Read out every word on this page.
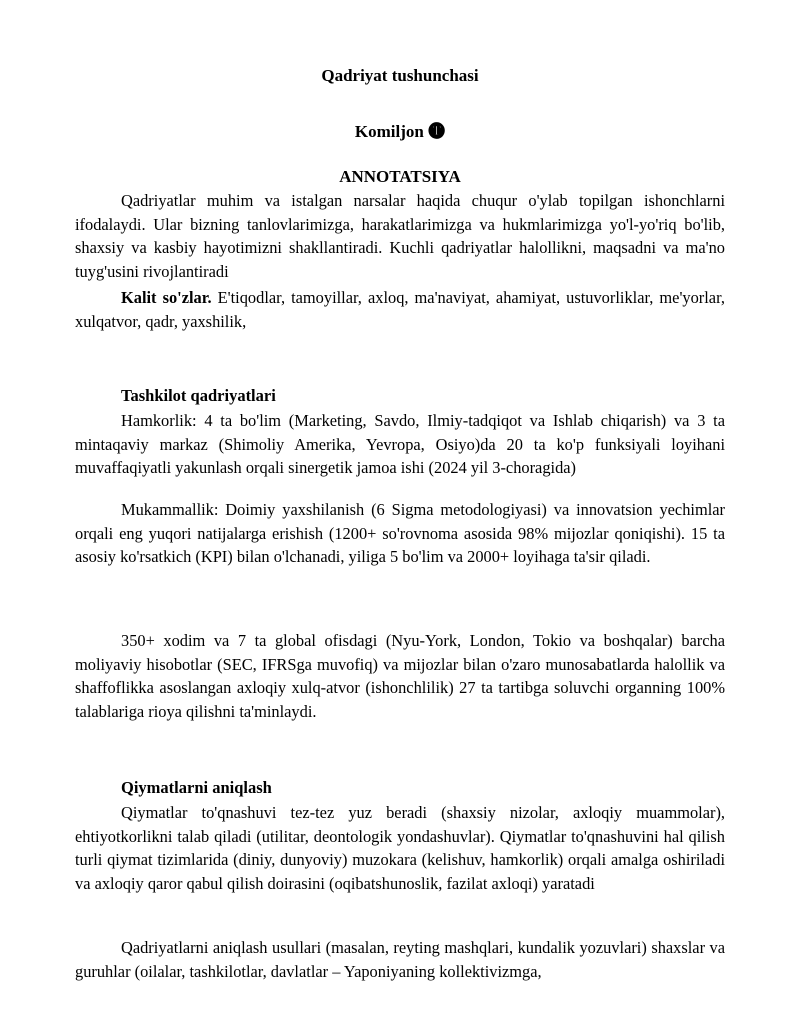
Qadriyat tushunchasi
Komiljon 🅣
ANNOTATSIYA

Qadriyatlar muhim va istalgan narsalar haqida chuqur o'ylab topilgan ishonchlarni ifodalaydi. Ular bizning tanlovlarimizga, harakatlarimizga va hukmlarimizga yo'l-yo'riq bo'lib, shaxsiy va kasbiy hayotimizni shakllantiradi. Kuchli qadriyatlar halollikni, maqsadni va ma'no tuyg'usini rivojlantiradi

Kalit so'zlar. E'tiqodlar, tamoyillar, axloq, ma'naviyat, ahamiyat, ustuvorliklar, me'yorlar, xulqatvor, qadr, yaxshilik,

Tashkilot qadriyatlari

Hamkorlik: 4 ta bo'lim (Marketing, Savdo, Ilmiy-tadqiqot va Ishlab chiqarish) va 3 ta mintaqaviy markaz (Shimoliy Amerika, Yevropa, Osiyo)da 20 ta ko'p funksiyali loyihani muvaffaqiyatli yakunlash orqali sinergetik jamoa ishi (2024 yil 3-choragida)

Mukammallik: Doimiy yaxshilanish (6 Sigma metodologiyasi) va innovatsion yechimlar orqali eng yuqori natijalarga erishish (1200+ so'rovnoma asosida 98% mijozlar qoniqishi). 15 ta asosiy ko'rsatkich (KPI) bilan o'lchanadi, yiliga 5 bo'lim va 2000+ loyihaga ta'sir qiladi.

350+ xodim va 7 ta global ofisdagi (Nyu-York, London, Tokio va boshqalar) barcha moliyaviy hisobotlar (SEC, IFRSga muvofiq) va mijozlar bilan o'zaro munosabatlarda halollik va shaffoflikka asoslangan axloqiy xulq-atvor (ishonchlilik) 27 ta tartibga soluvchi organning 100% talablariga rioya qilishni ta'minlaydi.

Qiymatlarni aniqlash

Qiymatlar to'qnashuvi tez-tez yuz beradi (shaxsiy nizolar, axloqiy muammolar), ehtiyotkorlikni talab qiladi (utilitar, deontologik yondashuvlar). Qiymatlar to'qnashuvini hal qilish turli qiymat tizimlarida (diniy, dunyoviy) muzokara (kelishuv, hamkorlik) orqali amalga oshiriladi va axloqiy qaror qabul qilish doirasini (oqibatshunoslik, fazilat axloqi) yaratadi

Qadriyatlarni aniqlash usullari (masalan, reyting mashqlari, kundalik yozuvlari) shaxslar va guruhlar (oilalar, tashkilotlar, davlatlar – Yaponiyaning kollektivizmga,
